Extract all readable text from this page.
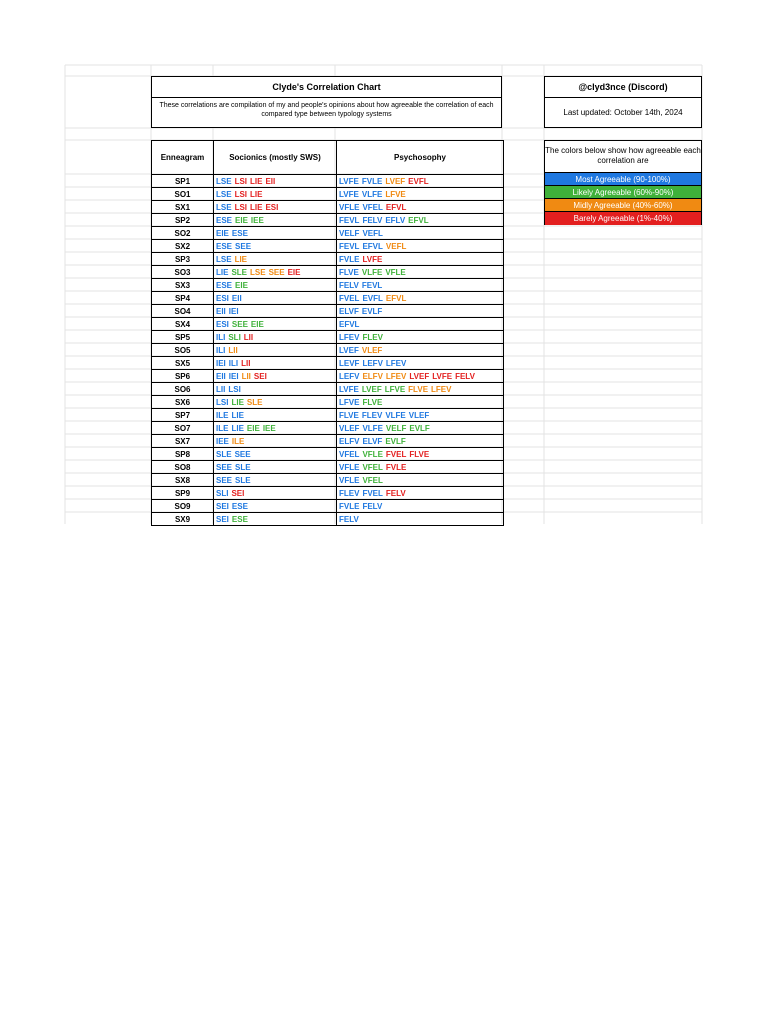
Clyde's Correlation Chart
These correlations are compilation of my and people's opinions about how agreeable the correlation of each compared type between typology systems
@clyd3nce (Discord)
Last updated: October 14th, 2024
The colors below show how agreeable each correlation are
Most Agreeable (90-100%)
Likely Agreeable (60%-90%)
Midly Agreeable (40%-60%)
Barely Agreeable (1%-40%)
Enneagram	Socionics (mostly SWS)	Psychosophy
SP1	LSE LSI LIE EII	LVFE FVLE LVEF EVFL
SO1	LSE LSI LIE	LVFE VLFE LFVE
SX1	LSE LSI LIE ESI	VFLE VFEL EFVL
SP2	ESE EIE IEE	FEVL FELV EFLV EFVL
SO2	EIE ESE	VELF VEFL
SX2	ESE SEE	FEVL EFVL VEFL
SP3	LSE LIE	FVLE LVFE
SO3	LIE SLE LSE SEE EIE	FLVE VLFE VFLE
SX3	ESE EIE	FELV FEVL
SP4	ESI EII	FVEL EVFL EFVL
SO4	EII IEI	ELVF EVLF
SX4	ESI SEE EIE	EFVL
SP5	ILI SLI LII	LFEV FLEV
SO5	ILI LII	LVEF VLEF
SX5	IEI ILI LII	LEVF LEFV LFEV
SP6	EII IEI LII SEI	LEFV ELFV LFEV LVEF LVFE FELV
SO6	LII LSI	LVFE LVEF LFVE FLVE LFEV
SX6	LSI LIE SLE	LFVE FLVE
SP7	ILE LIE	FLVE FLEV VLFE VLEF
SO7	ILE LIE EIE IEE	VLEF VLFE VELF EVLF
SX7	IEE ILE	ELFV ELVF EVLF
SP8	SLE SEE	VFEL VFLE FVEL FLVE
SO8	SEE SLE	VFLE VFEL FVLE
SX8	SEE SLE	VFLE VFEL
SP9	SLI SEI	FLEV FVEL FELV
SO9	SEI ESE	FVLE FELV
SX9	SEI ESE	FELV
